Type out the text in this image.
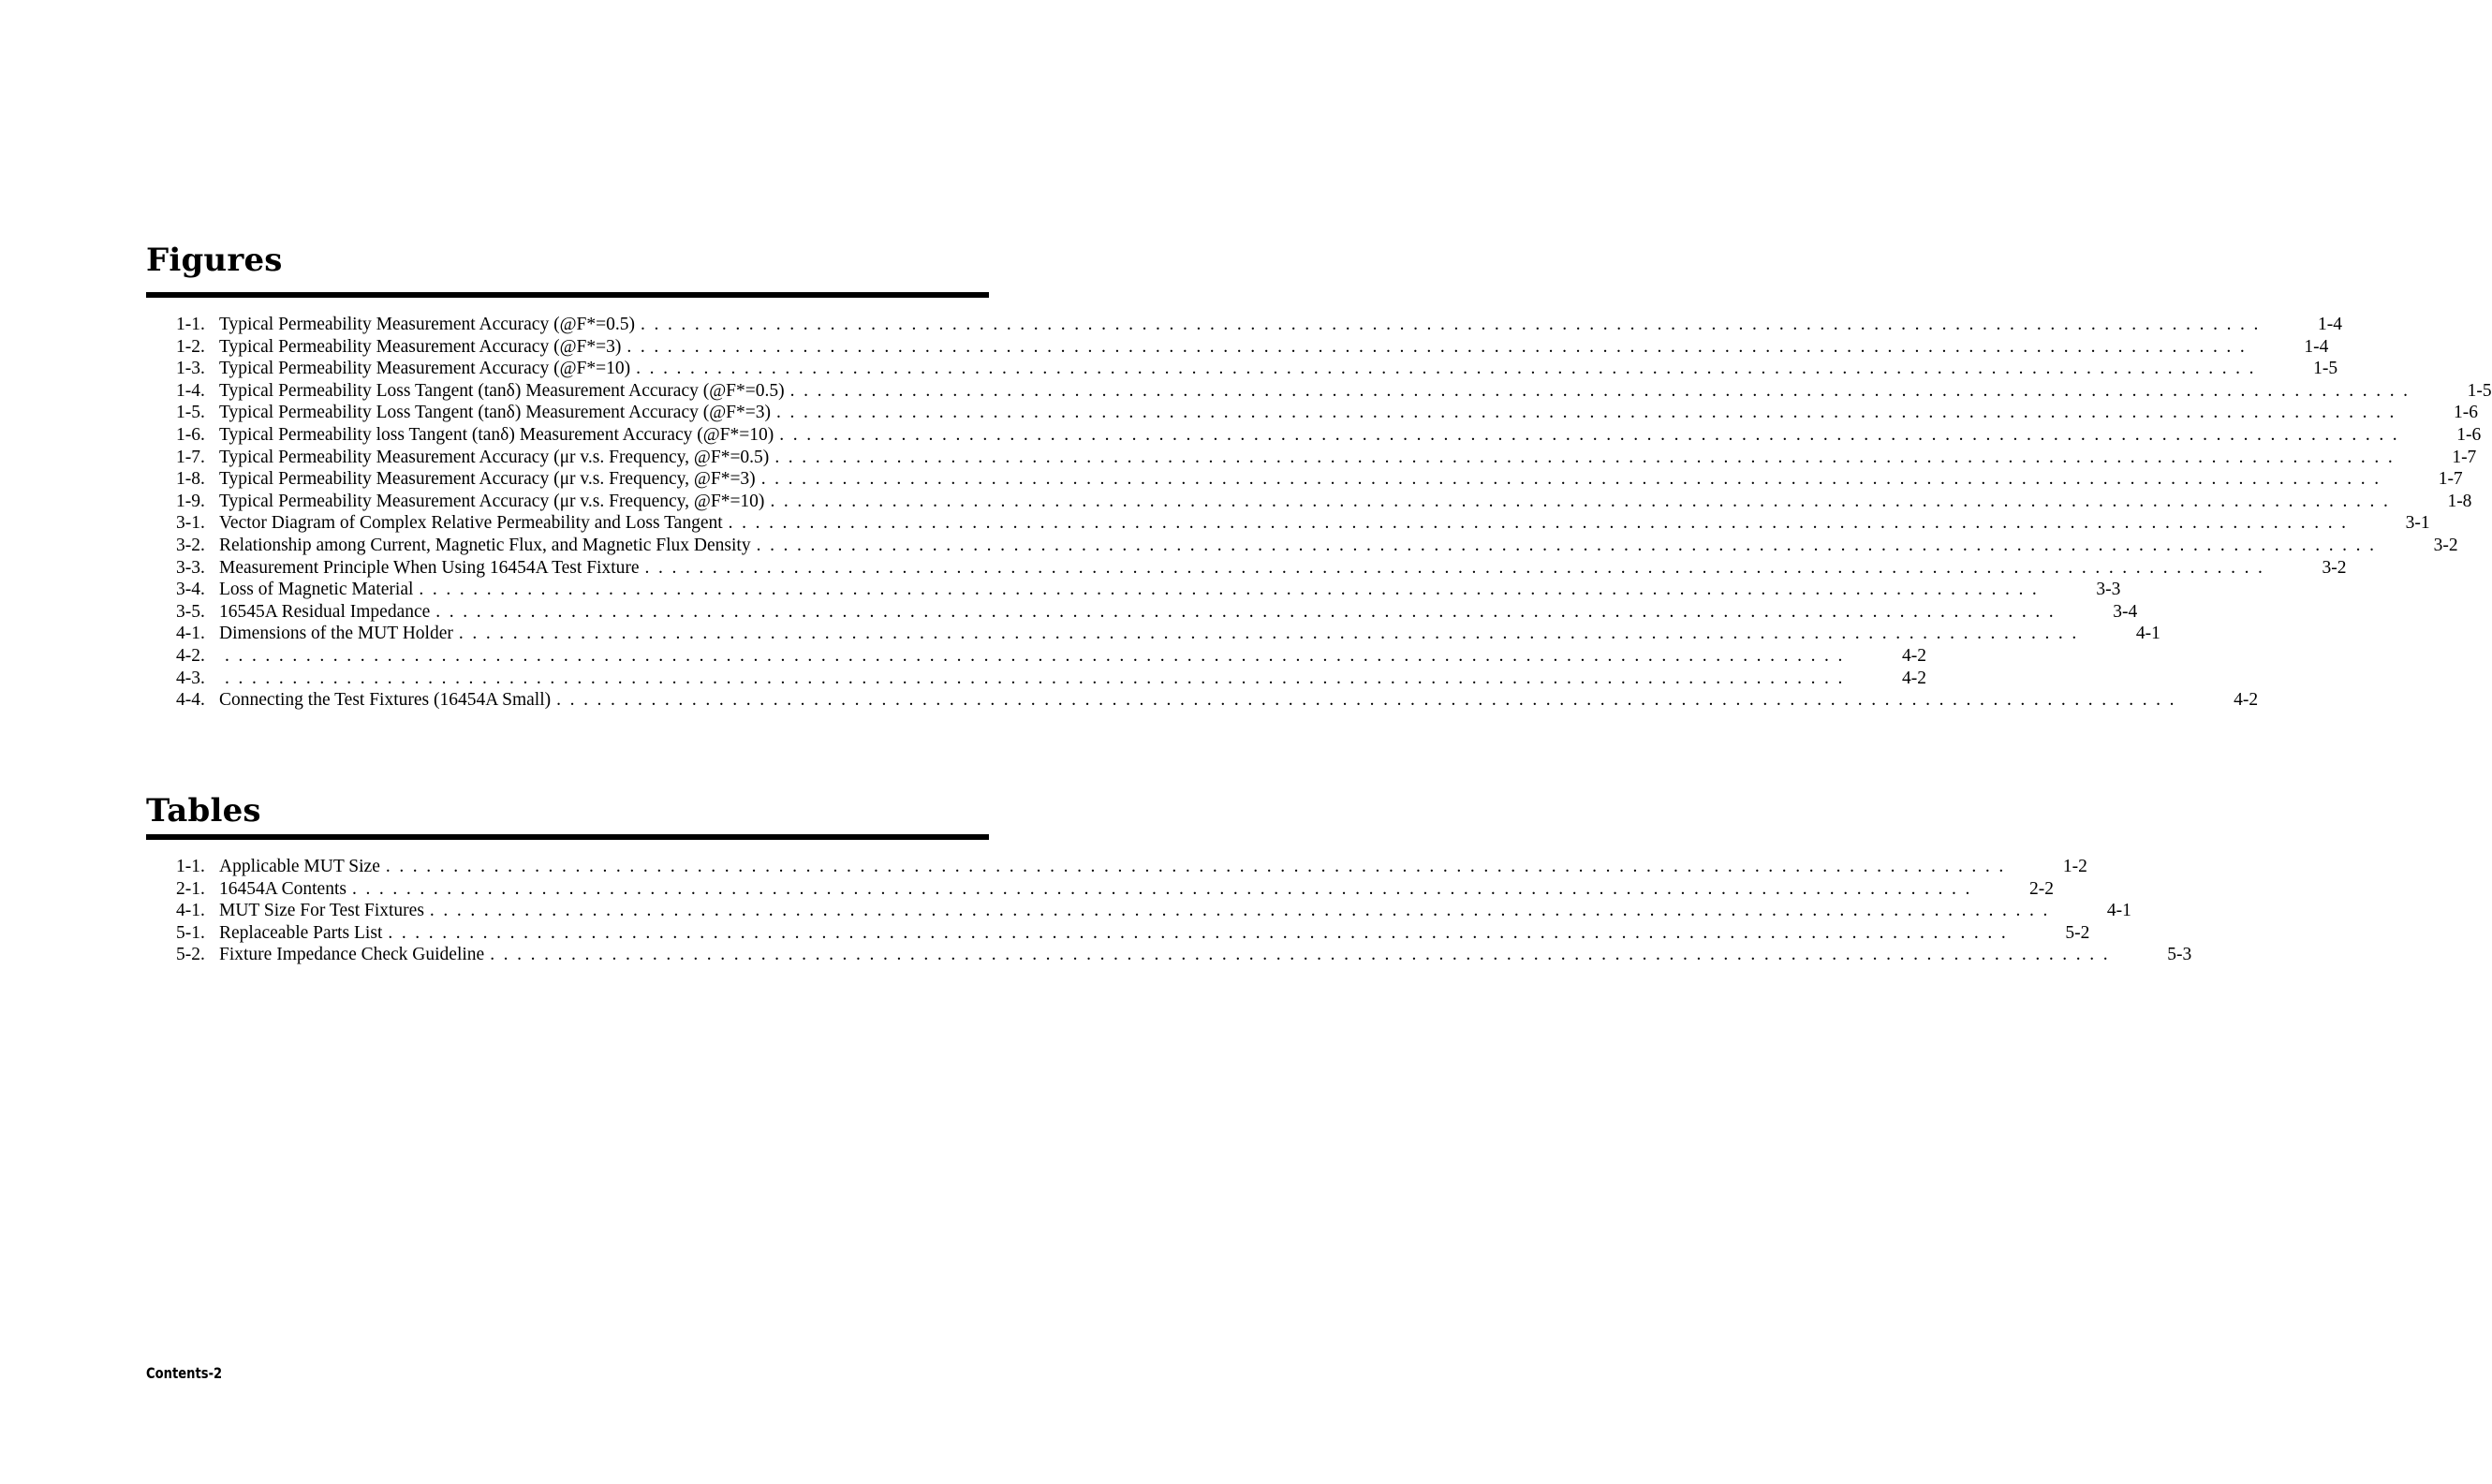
Figures
1-1. Typical Permeability Measurement Accuracy (@F*=0.5) ........................................................................................................................	1-4
1-2. Typical Permeability Measurement Accuracy (@F*=3) ........................................................................................................................	1-4
1-3. Typical Permeability Measurement Accuracy (@F*=10) ........................................................................................................................	1-5
1-4. Typical Permeability Loss Tangent (tanδ) Measurement Accuracy (@F*=0.5) ........................................................................................................................	1-5
1-5. Typical Permeability Loss Tangent (tanδ) Measurement Accuracy (@F*=3) ........................................................................................................................	1-6
1-6. Typical Permeability loss Tangent (tanδ) Measurement Accuracy (@F*=10) ........................................................................................................................	1-6
1-7. Typical Permeability Measurement Accuracy (μr v.s. Frequency, @F*=0.5) ........................................................................................................................	1-7
1-8. Typical Permeability Measurement Accuracy (μr v.s. Frequency, @F*=3) ........................................................................................................................	1-7
1-9. Typical Permeability Measurement Accuracy (μr v.s. Frequency, @F*=10) ........................................................................................................................	1-8
3-1. Vector Diagram of Complex Relative Permeability and Loss Tangent ........................................................................................................................	3-1
3-2. Relationship among Current, Magnetic Flux, and Magnetic Flux Density ........................................................................................................................	3-2
3-3. Measurement Principle When Using 16454A Test Fixture ........................................................................................................................	3-2
3-4. Loss of Magnetic Material ........................................................................................................................	3-3
3-5. 16545A Residual Impedance ........................................................................................................................	3-4
4-1. Dimensions of the MUT Holder ........................................................................................................................	4-1
4-2.	........................................................................................................................	4-2
4-3.	........................................................................................................................	4-2
4-4. Connecting the Test Fixtures (16454A Small) ........................................................................................................................	4-2
Tables
1-1. Applicable MUT Size ........................................................................................................................	1-2
2-1. 16454A Contents ........................................................................................................................	2-2
4-1. MUT Size For Test Fixtures ........................................................................................................................	4-1
5-1. Replaceable Parts List ........................................................................................................................	5-2
5-2. Fixture Impedance Check Guideline ........................................................................................................................	5-3
Contents-2
